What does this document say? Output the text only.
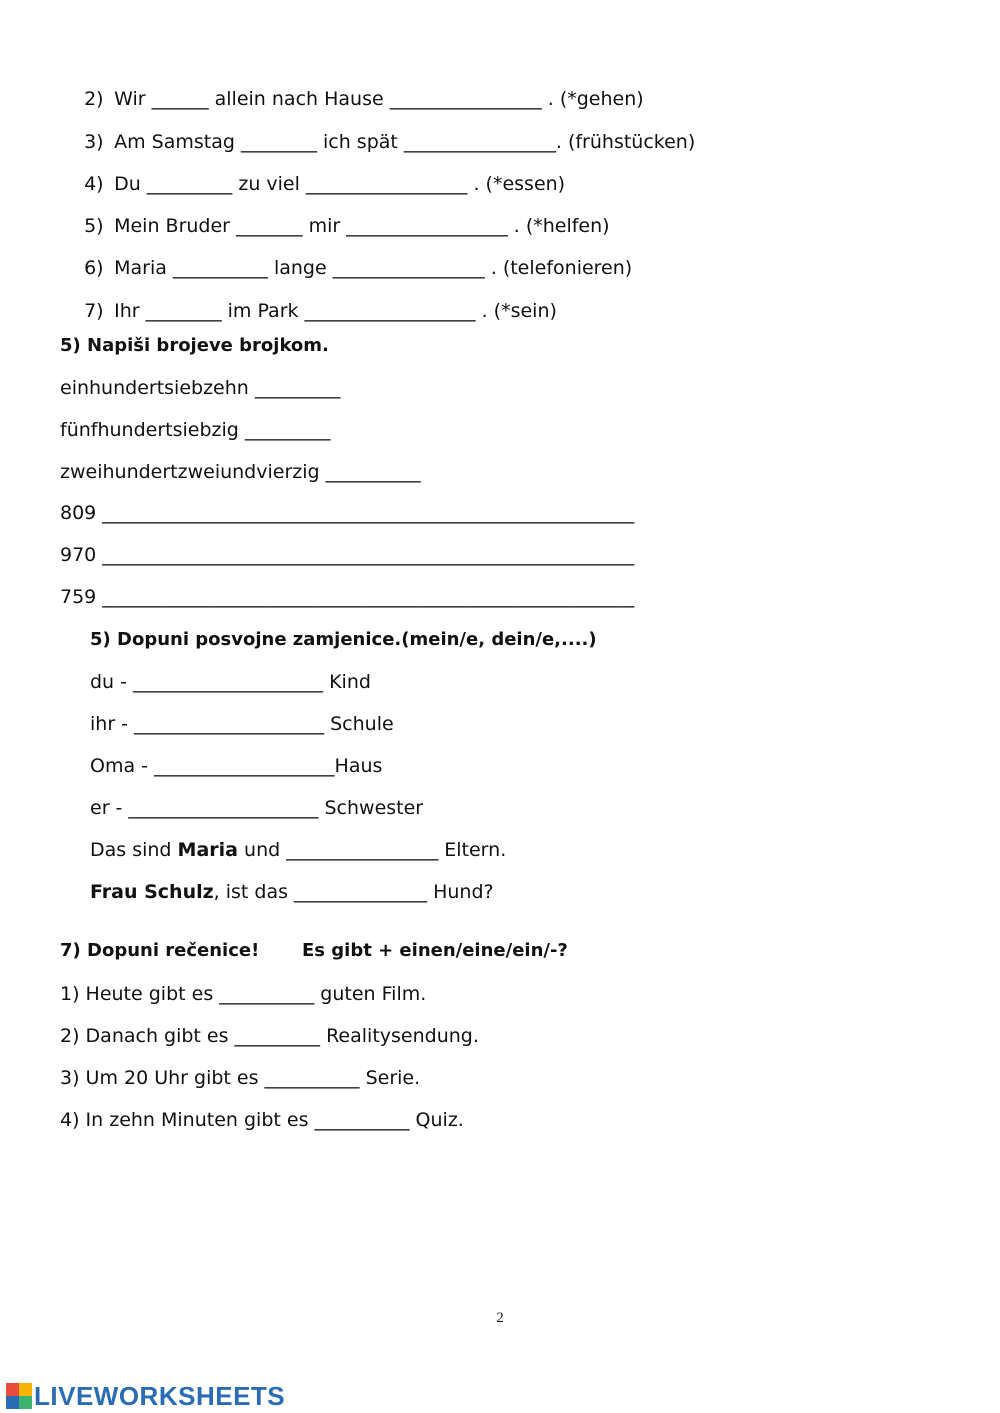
2) Wir ______ allein nach Hause ________________ . (*gehen)

3) Am Samstag ________ ich spät ________________. (frühstücken)

4) Du _________ zu viel _________________ . (*essen)

5) Mein Bruder _______ mir _________________ . (*helfen)

6) Maria __________ lange ________________ . (telefonieren)

7) Ihr ________ im Park __________________ . (*sein)

5) Napiši brojeve brojkom.
einhundertsiebzehn _________
fünfhundertsiebzig _________
zweihundertzweiundvierzig __________
809 ________________________________________________________
970 ________________________________________________________
759 ________________________________________________________
5) Dopuni posvojne zamjenice.(mein/e, dein/e,....)
du - ____________________ Kind
ihr - ____________________ Schule
Oma - ___________________Haus
er - ____________________ Schwester
Das sind Maria und ________________ Eltern.
Frau Schulz, ist das ______________ Hund?
7) Dopuni rečenice! Es gibt + einen/eine/ein/-?
1) Heute gibt es __________ guten Film.
2) Danach gibt es _________ Realitysendung.
3) Um 20 Uhr gibt es __________ Serie.
4) In zehn Minuten gibt es __________ Quiz.
2
LIVEWORKSHEETS
